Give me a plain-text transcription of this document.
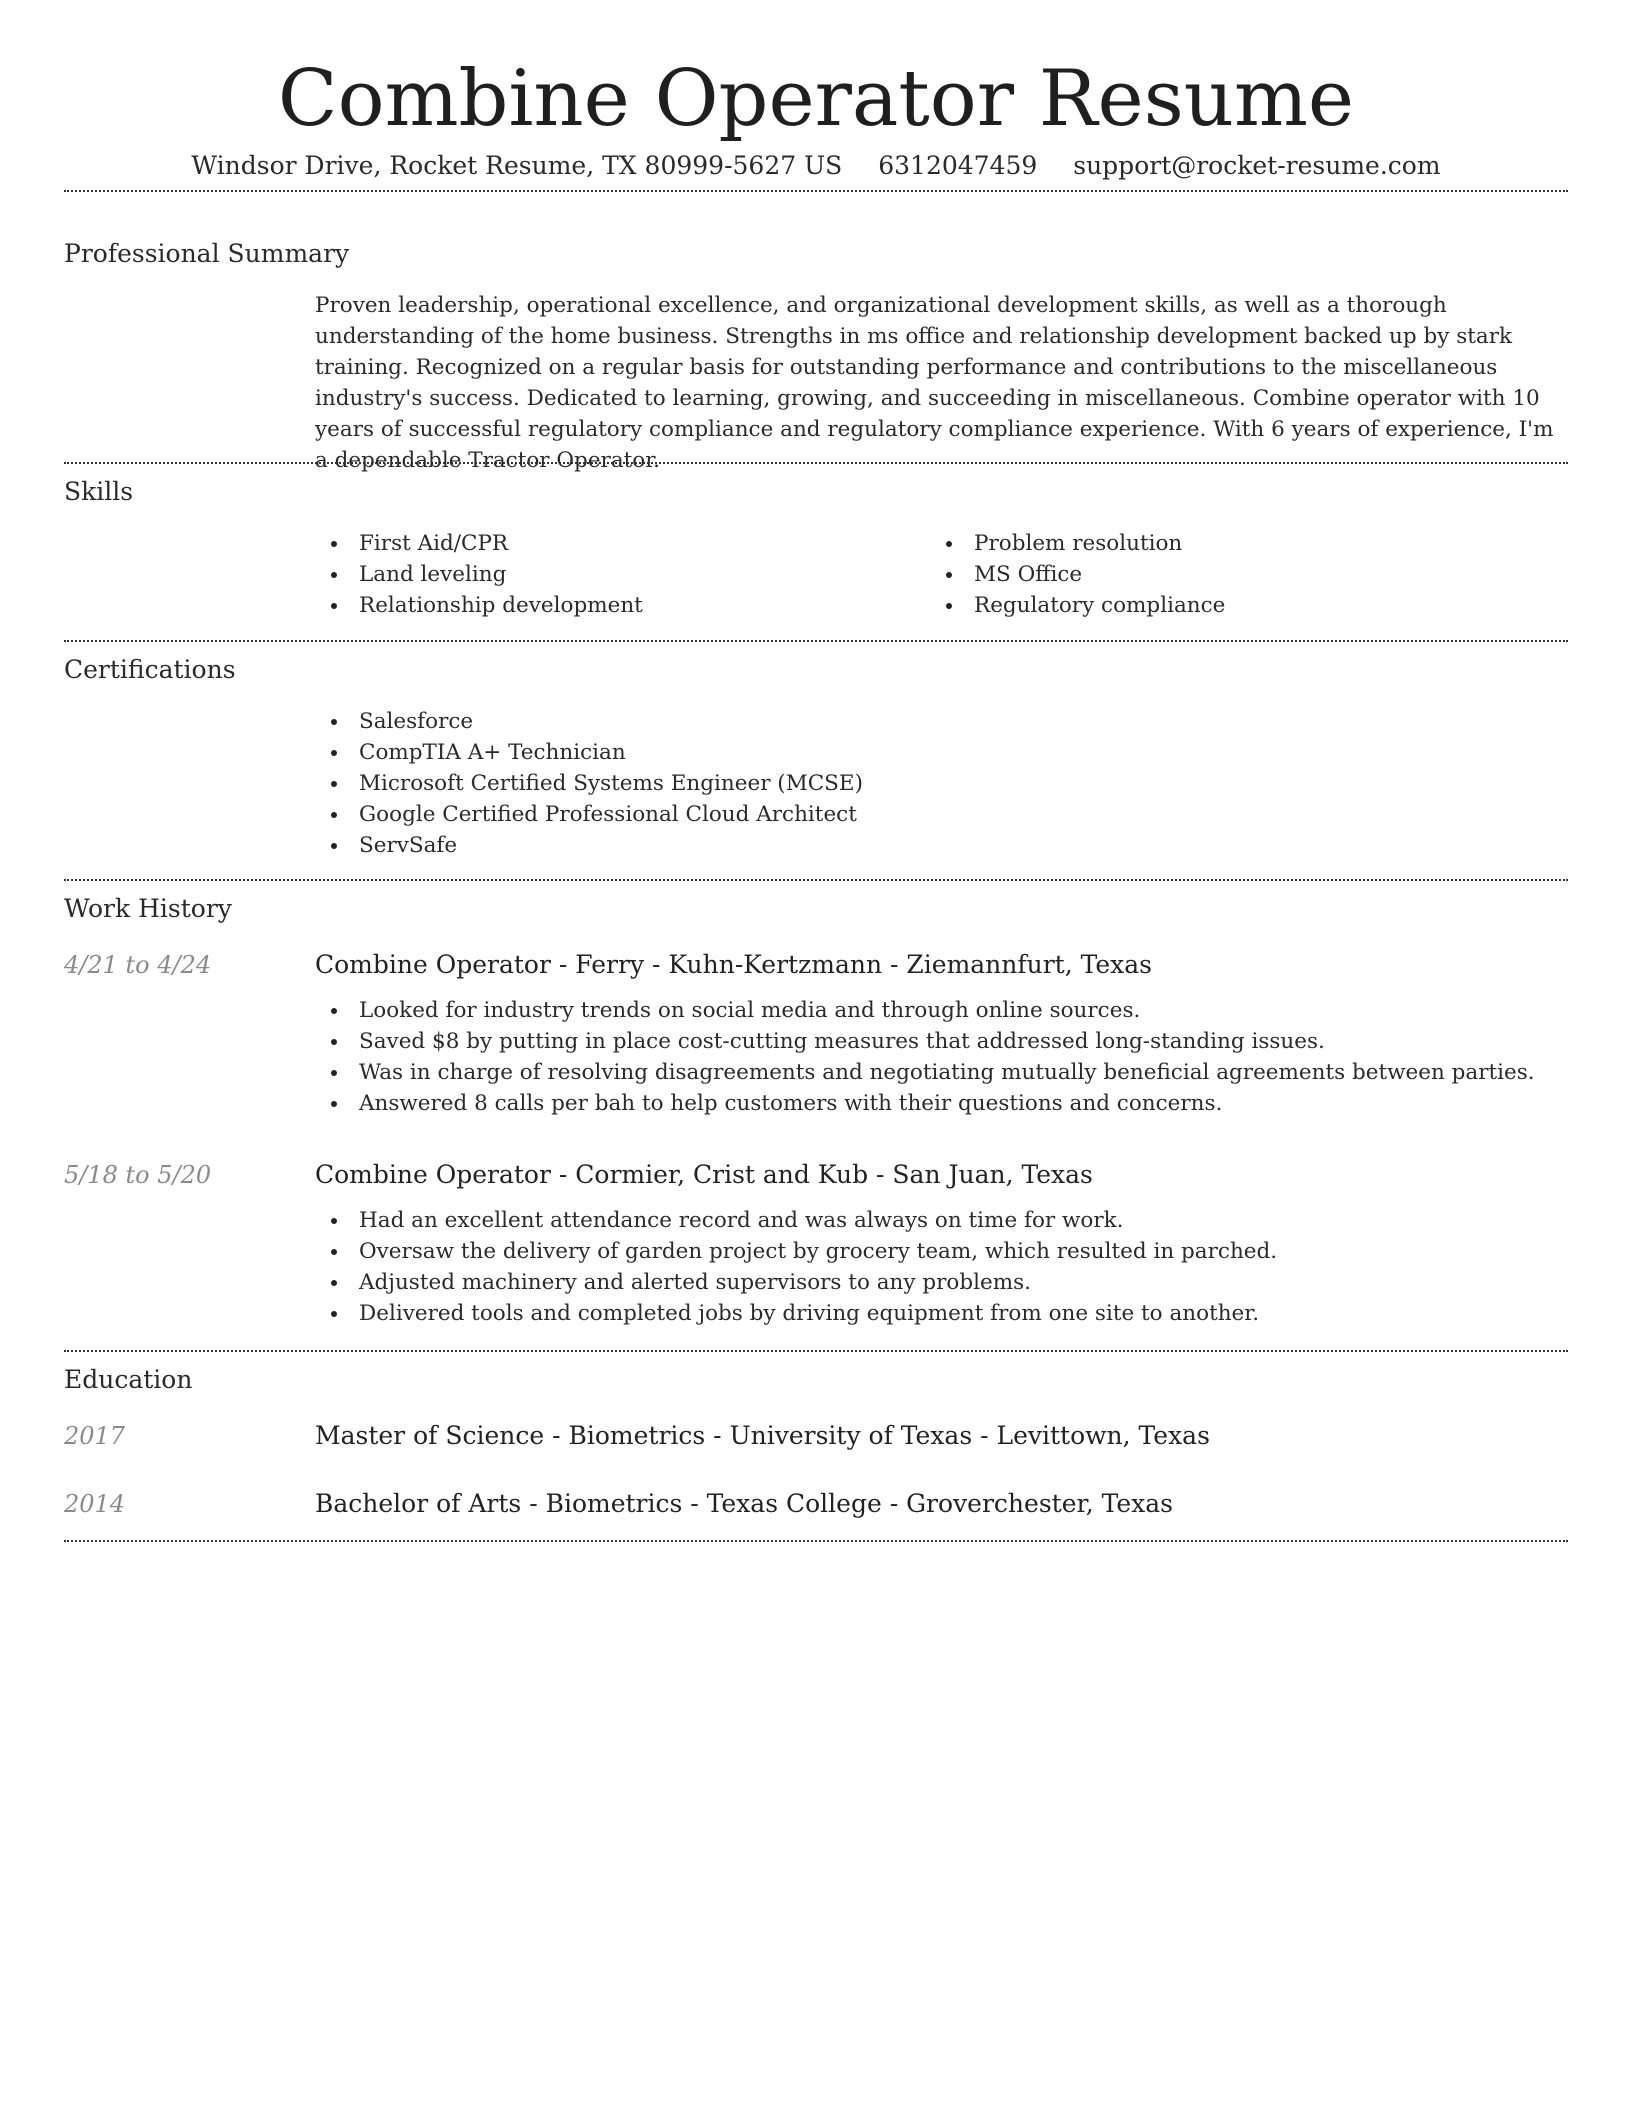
Combine Operator Resume
Windsor Drive, Rocket Resume, TX 80999-5627 US 6312047459 support@rocket-resume.com
Professional Summary

Proven leadership, operational excellence, and organizational development skills, as well as a thorough understanding of the home business. Strengths in ms office and relationship development backed up by stark training. Recognized on a regular basis for outstanding performance and contributions to the miscellaneous industry's success. Dedicated to learning, growing, and succeeding in miscellaneous. Combine operator with 10 years of successful regulatory compliance and regulatory compliance experience. With 6 years of experience, I'm a dependable Tractor Operator.

Skills
First Aid/CPR
Land leveling
Relationship development
Problem resolution
MS Office
Regulatory compliance
Certifications
Salesforce
CompTIA A+ Technician
Microsoft Certified Systems Engineer (MCSE)
Google Certified Professional Cloud Architect
ServSafe
Work History
4/21 to 4/24	Combine Operator - Ferry - Kuhn-Kertzmann - Ziemannfurt, Texas
Looked for industry trends on social media and through online sources.
Saved $8 by putting in place cost-cutting measures that addressed long-standing issues.
Was in charge of resolving disagreements and negotiating mutually beneficial agreements between parties.
Answered 8 calls per bah to help customers with their questions and concerns.
5/18 to 5/20	Combine Operator - Cormier, Crist and Kub - San Juan, Texas
Had an excellent attendance record and was always on time for work.
Oversaw the delivery of garden project by grocery team, which resulted in parched.
Adjusted machinery and alerted supervisors to any problems.
Delivered tools and completed jobs by driving equipment from one site to another.
Education
2017	Master of Science - Biometrics - University of Texas - Levittown, Texas
2014	Bachelor of Arts - Biometrics - Texas College - Groverchester, Texas
